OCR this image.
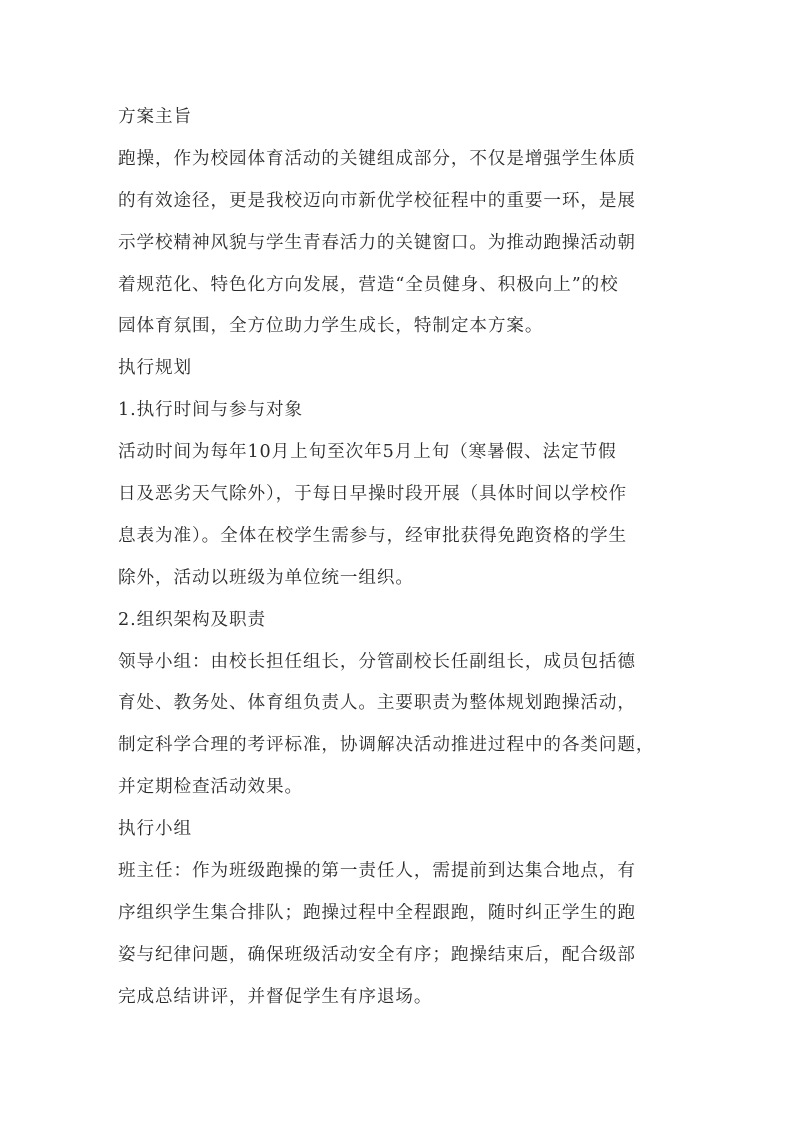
方案主旨
跑操，作为校园体育活动的关键组成部分，不仅是增强学生体质
的有效途径，更是我校迈向市新优学校征程中的重要一环，是展
示学校精神风貌与学生青春活力的关键窗口。为推动跑操活动朝
着规范化、特色化方向发展，营造“全员健身、积极向上”的校
园体育氛围，全方位助力学生成长，特制定本方案。
执行规划
1.执行时间与参与对象
活动时间为每年10月上旬至次年5月上旬（寒暑假、法定节假
日及恶劣天气除外），于每日早操时段开展（具体时间以学校作
息表为准）。全体在校学生需参与，经审批获得免跑资格的学生
除外，活动以班级为单位统一组织。
2.组织架构及职责
领导小组：由校长担任组长，分管副校长任副组长，成员包括德
育处、教务处、体育组负责人。主要职责为整体规划跑操活动，
制定科学合理的考评标准，协调解决活动推进过程中的各类问题，
并定期检查活动效果。
执行小组
班主任：作为班级跑操的第一责任人，需提前到达集合地点，有
序组织学生集合排队；跑操过程中全程跟跑，随时纠正学生的跑
姿与纪律问题，确保班级活动安全有序；跑操结束后，配合级部
完成总结讲评，并督促学生有序退场。
